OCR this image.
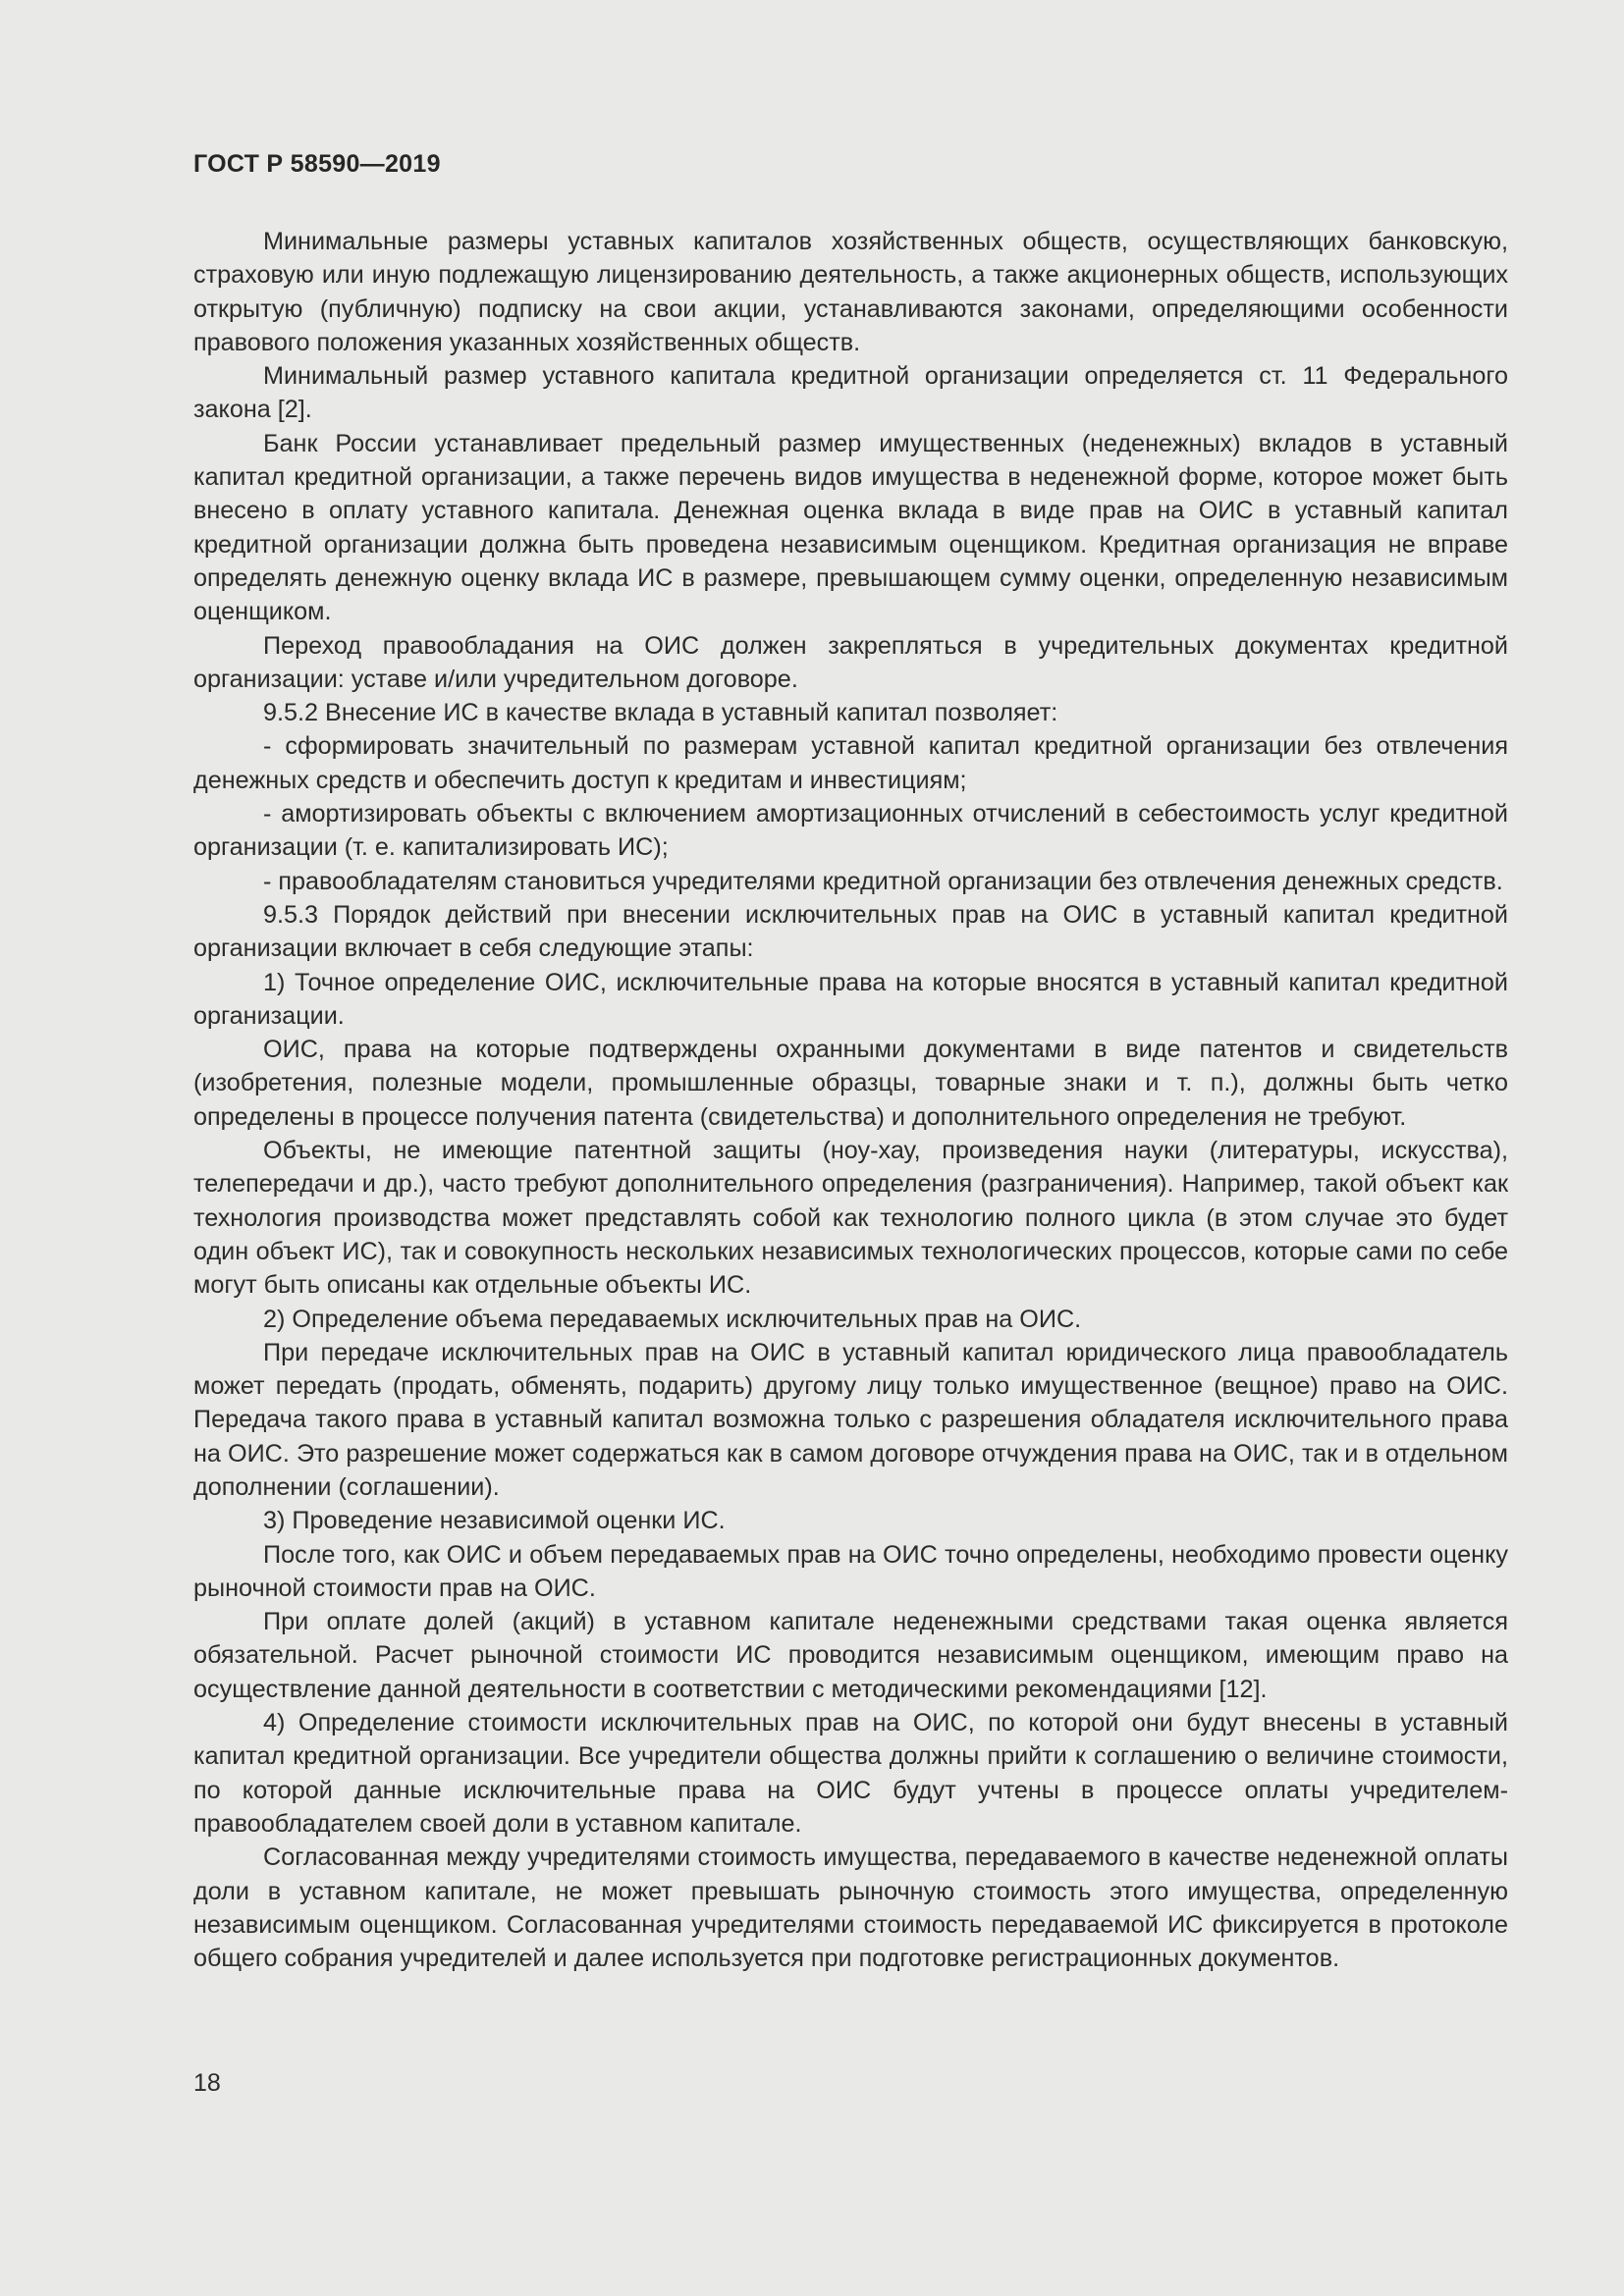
ГОСТ Р 58590—2019

Минимальные размеры уставных капиталов хозяйственных обществ, осуществляющих банковскую, страховую или иную подлежащую лицензированию деятельность, а также акционерных обществ, использующих открытую (публичную) подписку на свои акции, устанавливаются законами, определяющими особенности правового положения указанных хозяйственных обществ.

Минимальный размер уставного капитала кредитной организации определяется ст. 11 Федерального закона [2].

Банк России устанавливает предельный размер имущественных (неденежных) вкладов в уставный капитал кредитной организации, а также перечень видов имущества в неденежной форме, которое может быть внесено в оплату уставного капитала. Денежная оценка вклада в виде прав на ОИС в уставный капитал кредитной организации должна быть проведена независимым оценщиком. Кредитная организация не вправе определять денежную оценку вклада ИС в размере, превышающем сумму оценки, определенную независимым оценщиком.

Переход правообладания на ОИС должен закрепляться в учредительных документах кредитной организации: уставе и/или учредительном договоре.

9.5.2 Внесение ИС в качестве вклада в уставный капитал позволяет:

- сформировать значительный по размерам уставной капитал кредитной организации без отвлечения денежных средств и обеспечить доступ к кредитам и инвестициям;

- амортизировать объекты с включением амортизационных отчислений в себестоимость услуг кредитной организации (т. е. капитализировать ИС);

- правообладателям становиться учредителями кредитной организации без отвлечения денежных средств.

9.5.3 Порядок действий при внесении исключительных прав на ОИС в уставный капитал кредитной организации включает в себя следующие этапы:

1) Точное определение ОИС, исключительные права на которые вносятся в уставный капитал кредитной организации.

ОИС, права на которые подтверждены охранными документами в виде патентов и свидетельств (изобретения, полезные модели, промышленные образцы, товарные знаки и т. п.), должны быть четко определены в процессе получения патента (свидетельства) и дополнительного определения не требуют.

Объекты, не имеющие патентной защиты (ноу-хау, произведения науки (литературы, искусства), телепередачи и др.), часто требуют дополнительного определения (разграничения). Например, такой объект как технология производства может представлять собой как технологию полного цикла (в этом случае это будет один объект ИС), так и совокупность нескольких независимых технологических процессов, которые сами по себе могут быть описаны как отдельные объекты ИС.

2) Определение объема передаваемых исключительных прав на ОИС.

При передаче исключительных прав на ОИС в уставный капитал юридического лица правообладатель может передать (продать, обменять, подарить) другому лицу только имущественное (вещное) право на ОИС. Передача такого права в уставный капитал возможна только с разрешения обладателя исключительного права на ОИС. Это разрешение может содержаться как в самом договоре отчуждения права на ОИС, так и в отдельном дополнении (соглашении).

3) Проведение независимой оценки ИС.

После того, как ОИС и объем передаваемых прав на ОИС точно определены, необходимо провести оценку рыночной стоимости прав на ОИС.

При оплате долей (акций) в уставном капитале неденежными средствами такая оценка является обязательной. Расчет рыночной стоимости ИС проводится независимым оценщиком, имеющим право на осуществление данной деятельности в соответствии с методическими рекомендациями [12].

4) Определение стоимости исключительных прав на ОИС, по которой они будут внесены в уставный капитал кредитной организации. Все учредители общества должны прийти к соглашению о величине стоимости, по которой данные исключительные права на ОИС будут учтены в процессе оплаты учредителем-правообладателем своей доли в уставном капитале.

Согласованная между учредителями стоимость имущества, передаваемого в качестве неденежной оплаты доли в уставном капитале, не может превышать рыночную стоимость этого имущества, определенную независимым оценщиком. Согласованная учредителями стоимость передаваемой ИС фиксируется в протоколе общего собрания учредителей и далее используется при подготовке регистрационных документов.

18
